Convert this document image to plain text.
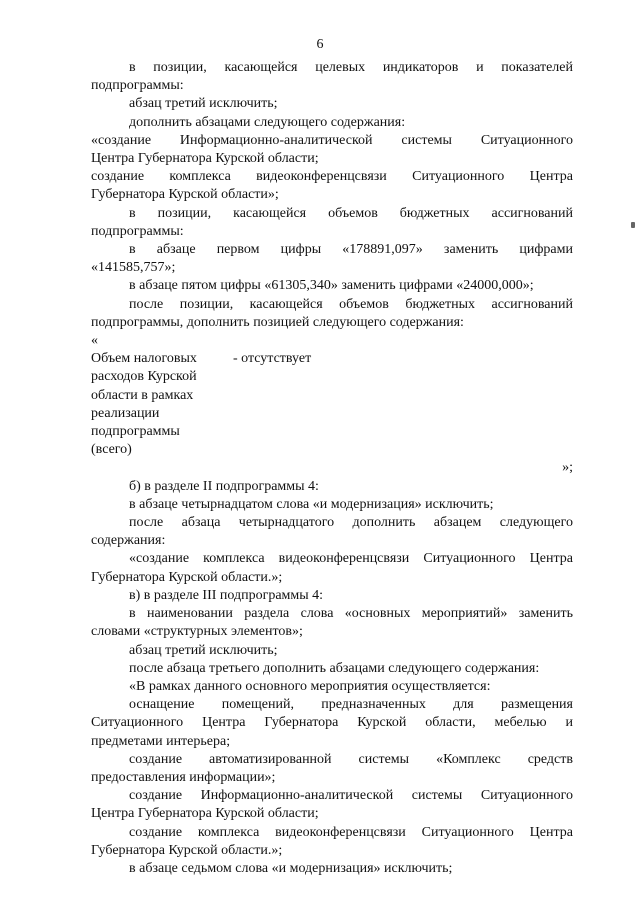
6

в позиции, касающейся целевых индикаторов и показателей

подпрограммы:

абзац третий исключить;

дополнить абзацами следующего содержания:

«создание Информационно-аналитической системы Ситуационного

Центра Губернатора Курской области;

создание комплекса видеоконференцсвязи Ситуационного Центра

Губернатора Курской области»;

в позиции, касающейся объемов бюджетных ассигнований

подпрограммы:

в абзаце первом цифры «178891,097» заменить цифрами

«141585,757»;

в абзаце пятом цифры «61305,340» заменить цифрами «24000,000»;

после позиции, касающейся объемов бюджетных ассигнований

подпрограммы, дополнить позицией следующего содержания:

«

Объем налоговых
расходов Курской
области в рамках
реализации
подпрограммы
(всего)
- отсутствует

»;

б) в разделе II подпрограммы 4:

в абзаце четырнадцатом слова «и модернизация» исключить;

после абзаца четырнадцатого дополнить абзацем следующего

содержания:

«создание комплекса видеоконференцсвязи Ситуационного Центра

Губернатора Курской области.»;

в) в разделе III подпрограммы 4:

в наименовании раздела слова «основных мероприятий» заменить

словами «структурных элементов»;

абзац третий исключить;

после абзаца третьего дополнить абзацами следующего содержания:

«В рамках данного основного мероприятия осуществляется:

оснащение помещений, предназначенных для размещения

Ситуационного Центра Губернатора Курской области, мебелью и

предметами интерьера;

создание автоматизированной системы «Комплекс средств

предоставления информации»;

создание Информационно-аналитической системы Ситуационного

Центра Губернатора Курской области;

создание комплекса видеоконференцсвязи Ситуационного Центра

Губернатора Курской области.»;

в абзаце седьмом слова «и модернизация» исключить;
